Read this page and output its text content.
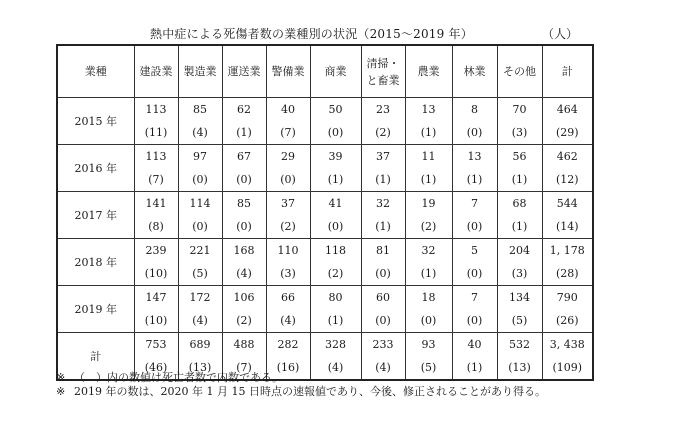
熱中症による死傷者数の業種別の状況（2015～2019 年）	（人）
業種	建設業	製造業	運送業	警備業	商業	清掃・
と畜業	農業	林業	その他	計
2015 年	113	85	62	40	50	23	13	8	70	464
	(11)	(4)	(1)	(7)	(0)	(2)	(1)	(0)	(3)	(29)
2016 年	113	97	67	29	39	37	11	13	56	462
	(7)	(0)	(0)	(0)	(1)	(1)	(1)	(1)	(1)	(12)
2017 年	141	114	85	37	41	32	19	7	68	544
	(8)	(0)	(0)	(2)	(0)	(1)	(2)	(0)	(1)	(14)
2018 年	239	221	168	110	118	81	32	5	204	1, 178
	(10)	(5)	(4)	(3)	(2)	(0)	(1)	(0)	(3)	(28)
2019 年	147	172	106	66	80	60	18	7	134	790
	(10)	(4)	(2)	(4)	(1)	(0)	(0)	(0)	(5)	(26)
計	753	689	488	282	328	233	93	40	532	3, 438
	(46)	(13)	(7)	(16)	(4)	(4)	(5)	(1)	(13)	(109)
※ （　）内の数値は死亡者数で内数である。
※ 2019 年の数は、2020 年 1 月 15 日時点の速報値であり、今後、修正されることがあり得る。
